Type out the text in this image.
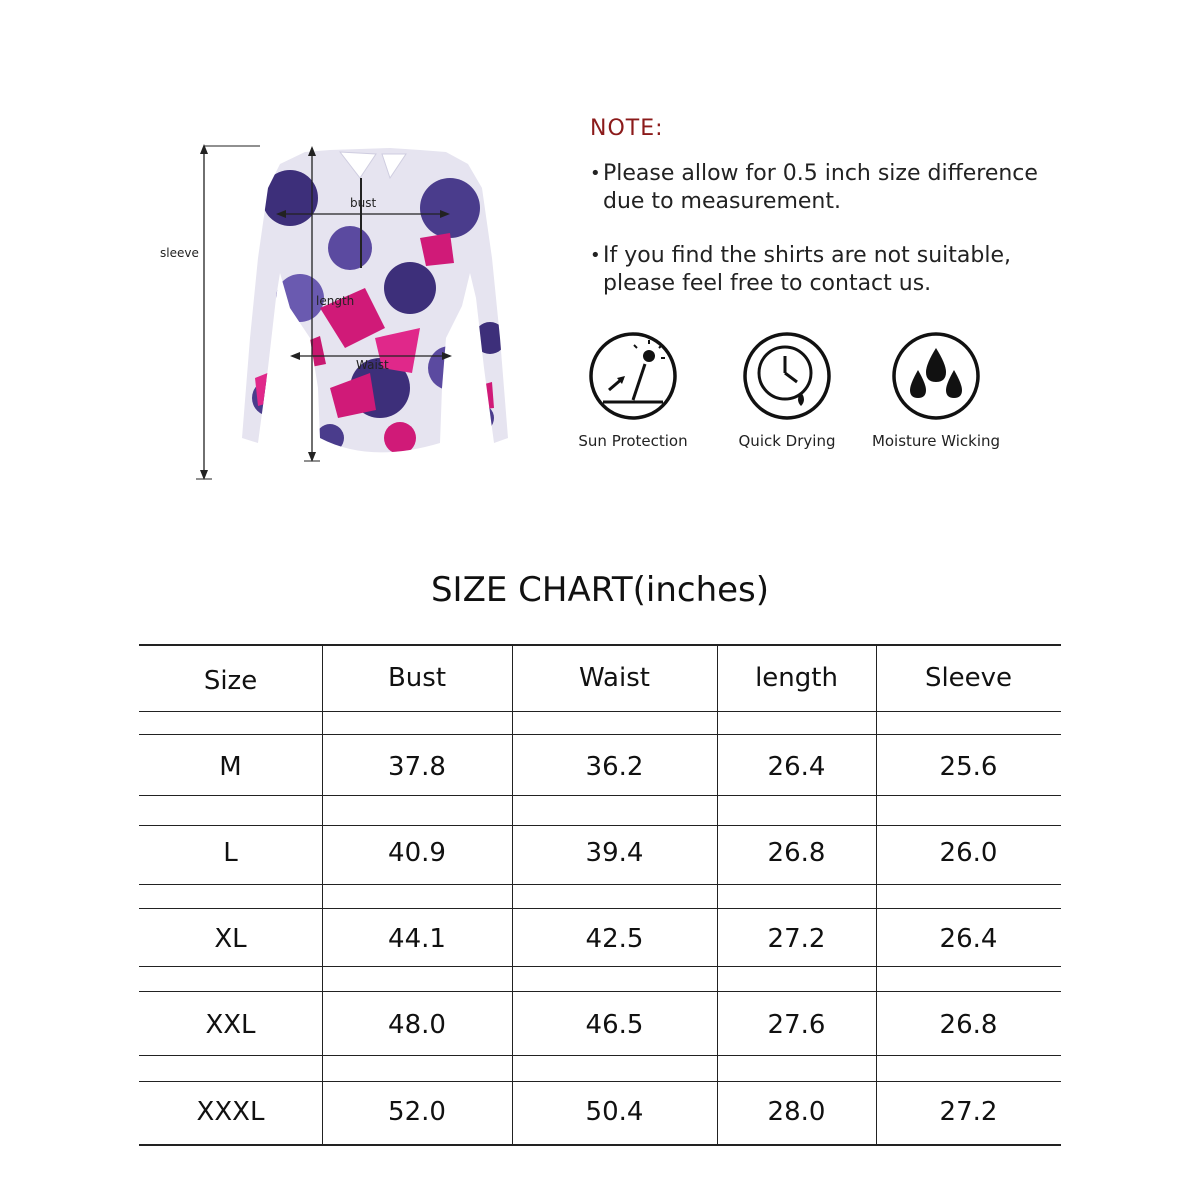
sleeve
bust
length
Waist
NOTE:
• Please allow for 0.5 inch size difference due to measurement.
• If you find the shirts are not suitable, please feel free to contact us.
Sun Protection	Quick Drying	Moisture Wicking
SIZE CHART(inches)
Size	Bust	Waist	length	Sleeve
M	37.8	36.2	26.4	25.6
L	40.9	39.4	26.8	26.0
XL	44.1	42.5	27.2	26.4
XXL	48.0	46.5	27.6	26.8
XXXL	52.0	50.4	28.0	27.2
